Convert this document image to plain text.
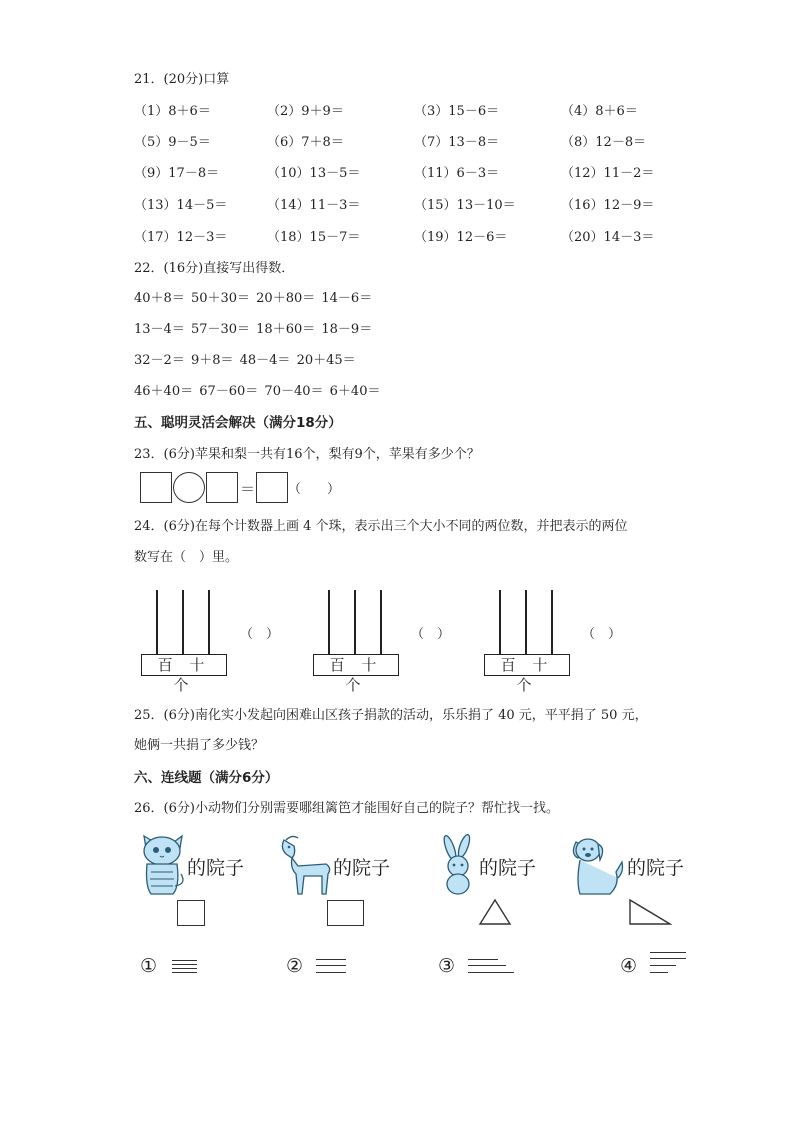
21．(20分)口算
（1）8＋6＝	（2）9＋9＝	（3）15－6＝	（4）8＋6＝
（5）9－5＝	（6）7＋8＝	（7）13－8＝	（8）12－8＝
（9）17－8＝	（10）13－5＝	（11）6－3＝	（12）11－2＝
（13）14－5＝	（14）11－3＝	（15）13－10＝	（16）12－9＝
（17）12－3＝	（18）15－7＝	（19）12－6＝	（20）14－3＝
22．(16分)直接写出得数．
40＋8＝ 50＋30＝ 20＋80＝ 14－6＝
13－4＝ 57－30＝ 18＋60＝ 18－9＝
32－2＝ 9＋8＝ 48－4＝ 20＋45＝
46＋40＝ 67－60＝ 70－40＝ 6＋40＝
五、聪明灵活会解决（满分18分）
23．(6分)苹果和梨一共有16个，梨有9个，苹果有多少个？
＝	（　　）
24．(6分)在每个计数器上画 4 个珠，表示出三个大小不同的两位数，并把表示的两位
数写在（　）里。
百 十 个
（　）
百 十 个
（　）
百 十 个
（　）
25．(6分)南化实小发起向困难山区孩子捐款的活动，乐乐捐了 40 元，平平捐了 50 元，
她俩一共捐了多少钱？
六、连线题（满分6分）
26．(6分)小动物们分别需要哪组篱笆才能围好自己的院子？帮忙找一找。
的院子	的院子	的院子	的院子
①	②	③	④
